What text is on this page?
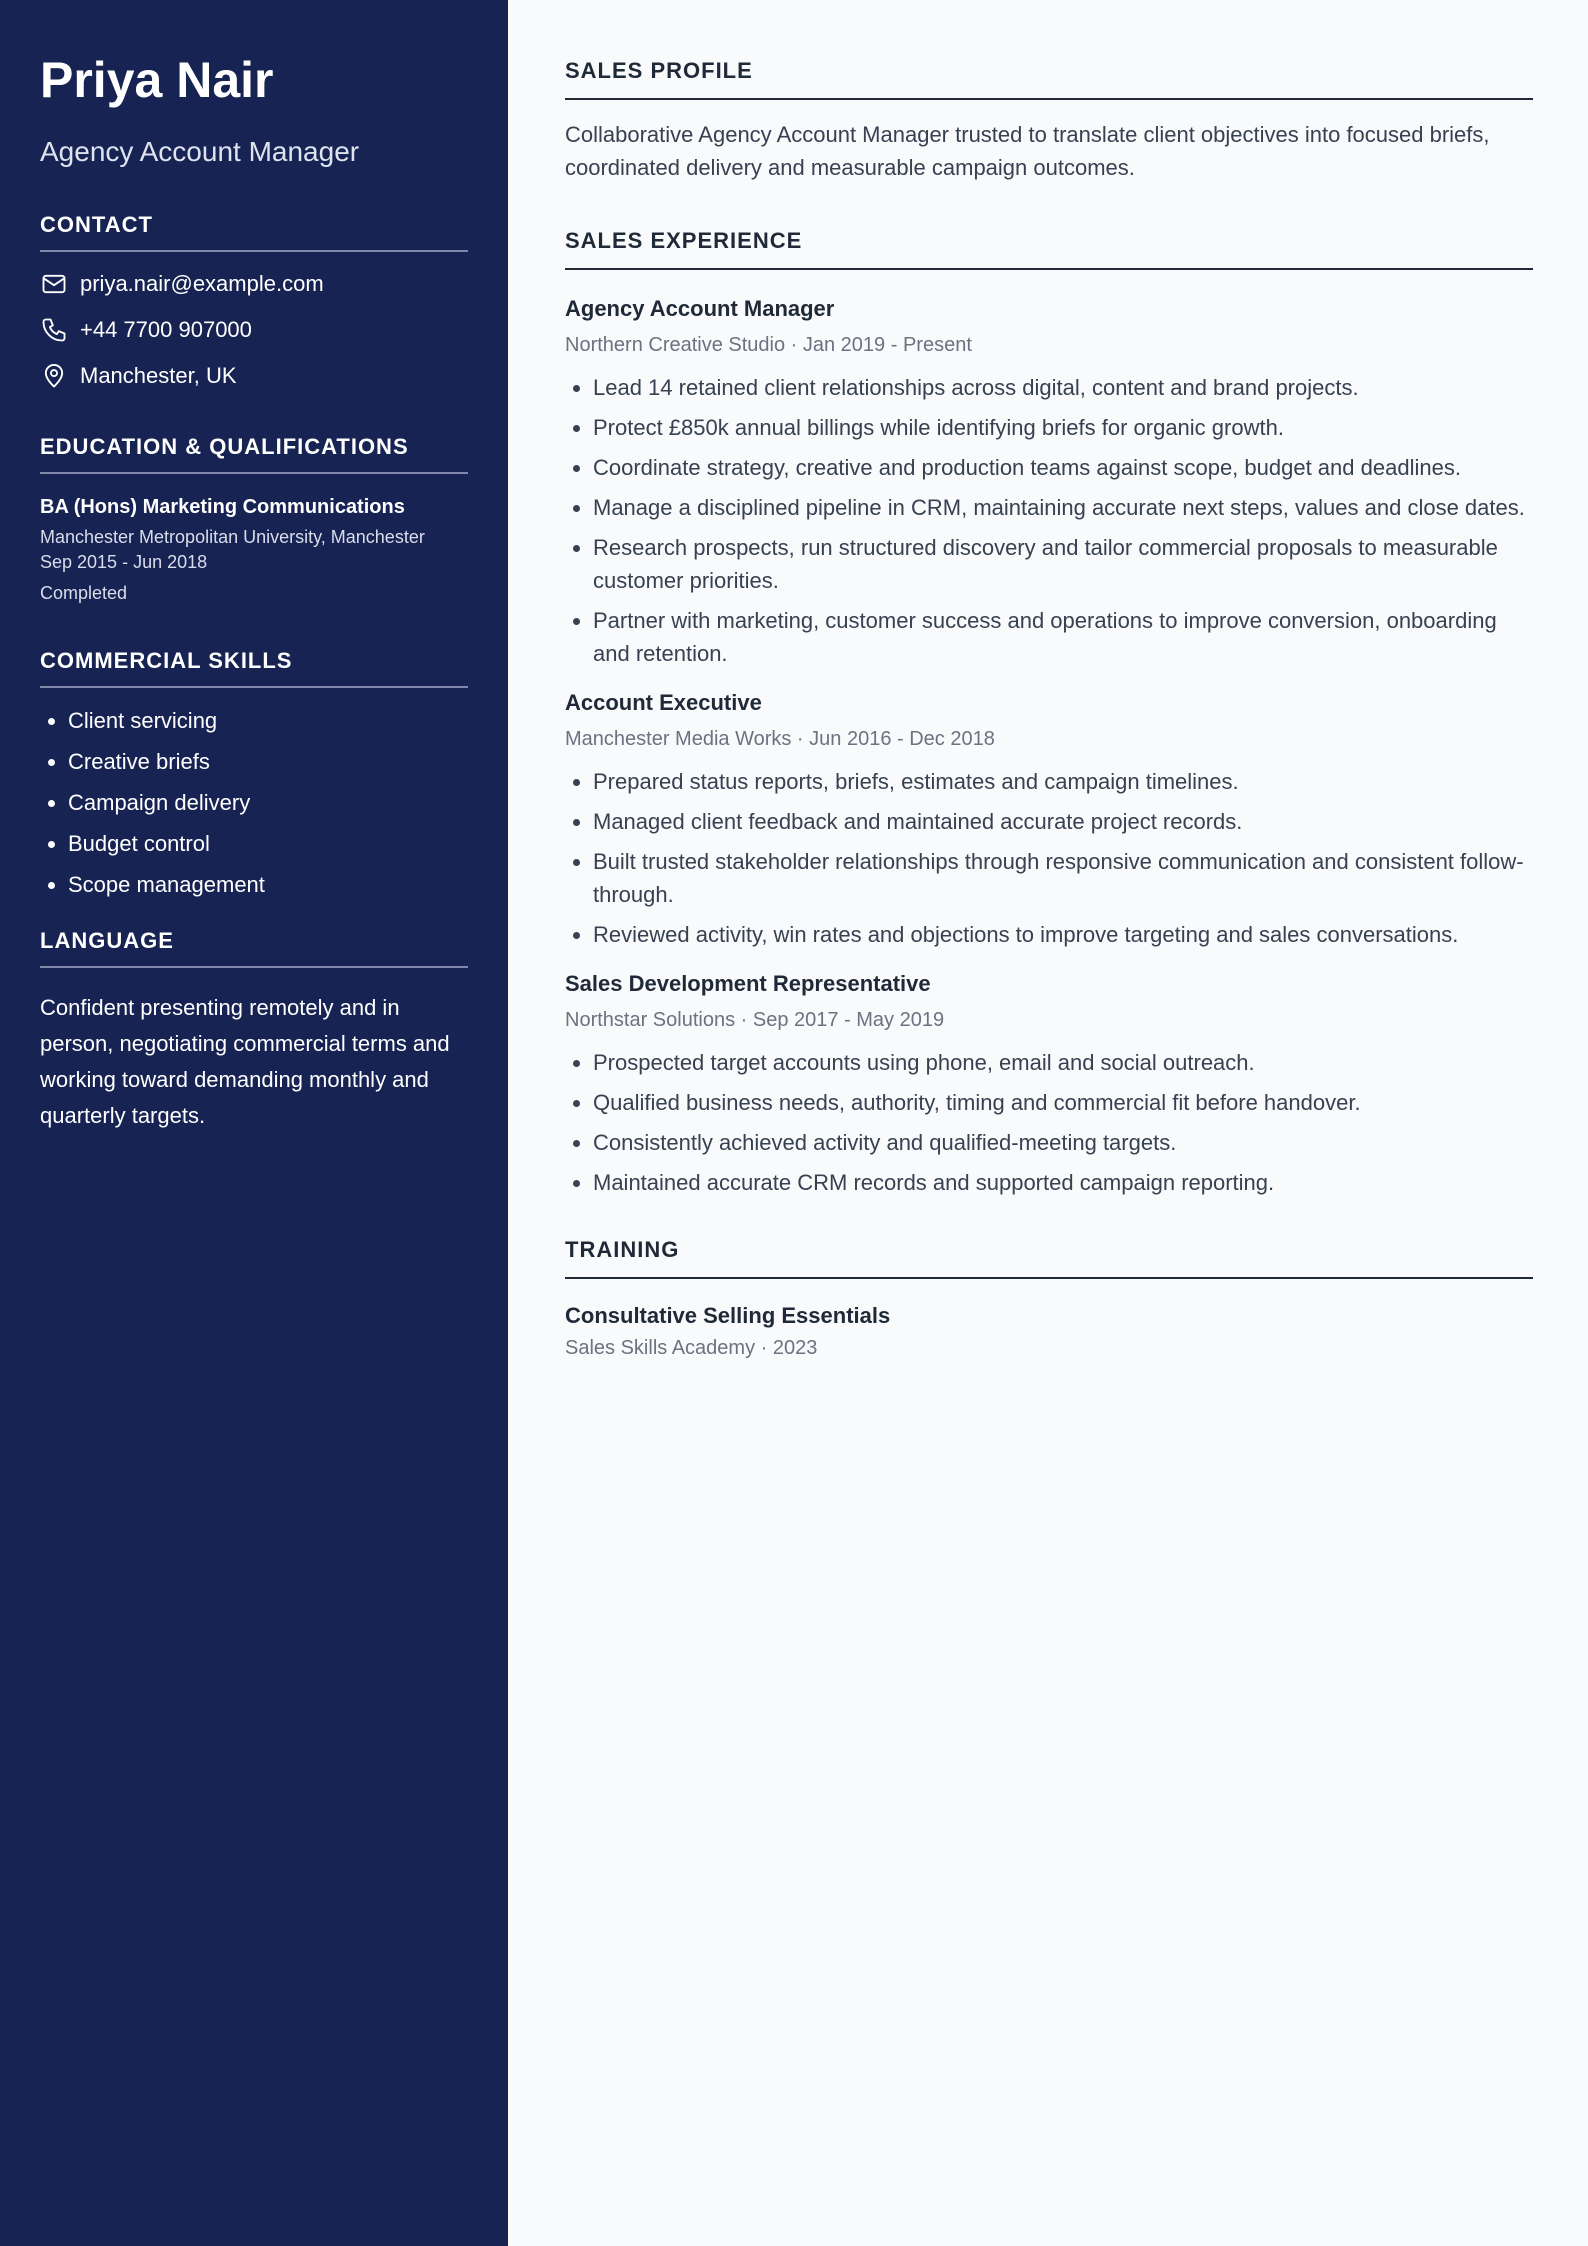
Priya Nair
Agency Account Manager
CONTACT
priya.nair@example.com
+44 7700 907000
Manchester, UK
EDUCATION & QUALIFICATIONS
BA (Hons) Marketing Communications
Manchester Metropolitan University, Manchester
Sep 2015 - Jun 2018
Completed
COMMERCIAL SKILLS
• Client servicing
• Creative briefs
• Campaign delivery
• Budget control
• Scope management
LANGUAGE
Confident presenting remotely and in person, negotiating commercial terms and working toward demanding monthly and quarterly targets.
SALES PROFILE
Collaborative Agency Account Manager trusted to translate client objectives into focused briefs, coordinated delivery and measurable campaign outcomes.
SALES EXPERIENCE
Agency Account Manager
Northern Creative Studio · Jan 2019 - Present
• Lead 14 retained client relationships across digital, content and brand projects.
• Protect £850k annual billings while identifying briefs for organic growth.
• Coordinate strategy, creative and production teams against scope, budget and deadlines.
• Manage a disciplined pipeline in CRM, maintaining accurate next steps, values and close dates.
• Research prospects, run structured discovery and tailor commercial proposals to measurable customer priorities.
• Partner with marketing, customer success and operations to improve conversion, onboarding and retention.
Account Executive
Manchester Media Works · Jun 2016 - Dec 2018
• Prepared status reports, briefs, estimates and campaign timelines.
• Managed client feedback and maintained accurate project records.
• Built trusted stakeholder relationships through responsive communication and consistent follow-through.
• Reviewed activity, win rates and objections to improve targeting and sales conversations.
Sales Development Representative
Northstar Solutions · Sep 2017 - May 2019
• Prospected target accounts using phone, email and social outreach.
• Qualified business needs, authority, timing and commercial fit before handover.
• Consistently achieved activity and qualified-meeting targets.
• Maintained accurate CRM records and supported campaign reporting.
TRAINING
Consultative Selling Essentials
Sales Skills Academy · 2023
